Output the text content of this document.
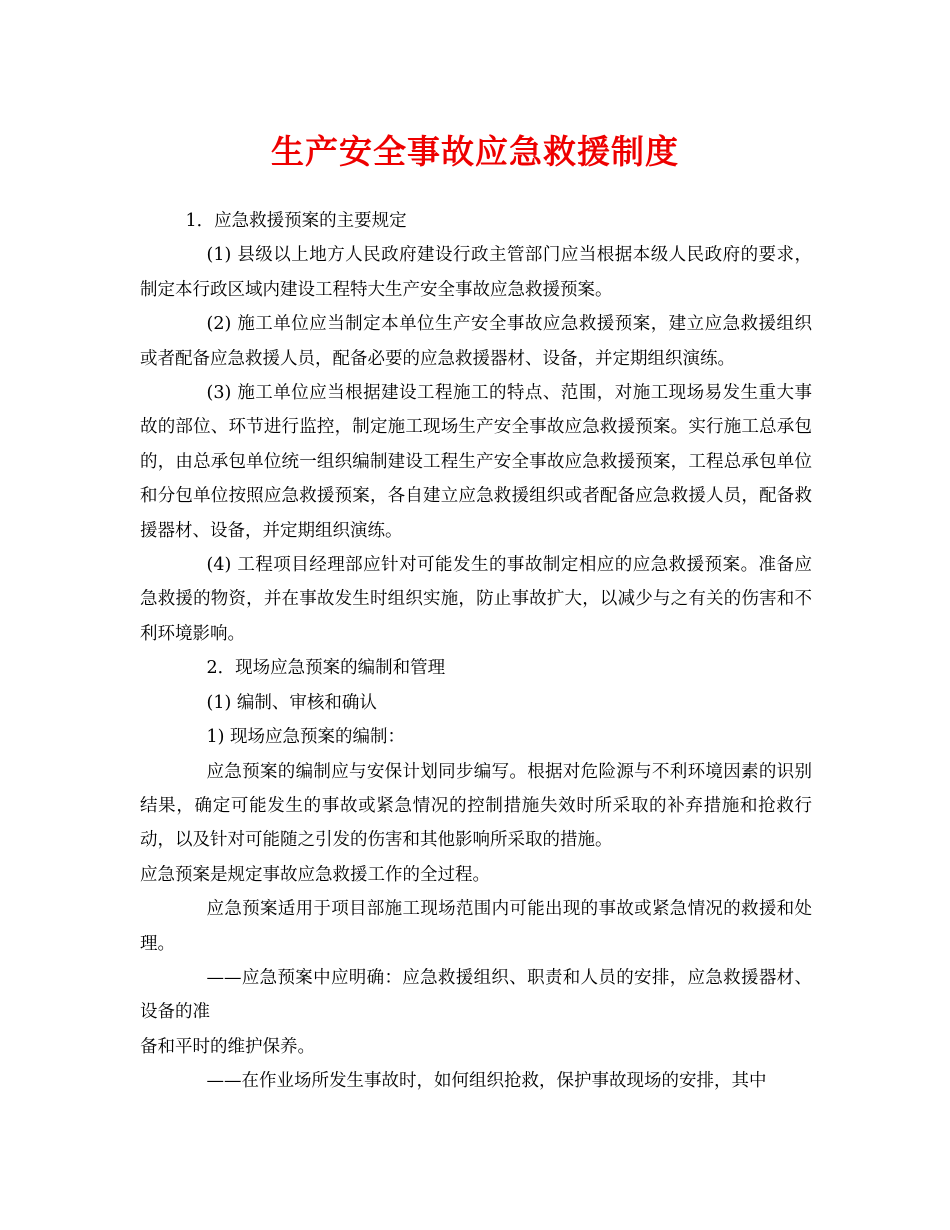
生产安全事故应急救援制度

1．应急救援预案的主要规定

(1) 县级以上地方人民政府建设行政主管部门应当根据本级人民政府的要求，制定本行政区域内建设工程特大生产安全事故应急救援预案。

(2) 施工单位应当制定本单位生产安全事故应急救援预案，建立应急救援组织或者配备应急救援人员，配备必要的应急救援器材、设备，并定期组织演练。

(3) 施工单位应当根据建设工程施工的特点、范围，对施工现场易发生重大事故的部位、环节进行监控，制定施工现场生产安全事故应急救援预案。实行施工总承包的，由总承包单位统一组织编制建设工程生产安全事故应急救援预案，工程总承包单位和分包单位按照应急救援预案，各自建立应急救援组织或者配备应急救援人员，配备救援器材、设备，并定期组织演练。

(4) 工程项目经理部应针对可能发生的事故制定相应的应急救援预案。准备应急救援的物资，并在事故发生时组织实施，防止事故扩大，以减少与之有关的伤害和不利环境影响。

2．现场应急预案的编制和管理

(1) 编制、审核和确认

1) 现场应急预案的编制：

应急预案的编制应与安保计划同步编写。根据对危险源与不利环境因素的识别结果，确定可能发生的事故或紧急情况的控制措施失效时所采取的补弃措施和抢救行动，以及针对可能随之引发的伤害和其他影响所采取的措施。

应急预案是规定事故应急救援工作的全过程。

应急预案适用于项目部施工现场范围内可能出现的事故或紧急情况的救援和处理。

——应急预案中应明确：应急救援组织、职责和人员的安排，应急救援器材、设备的准

备和平时的维护保养。

——在作业场所发生事故时，如何组织抢救，保护事故现场的安排，其中
